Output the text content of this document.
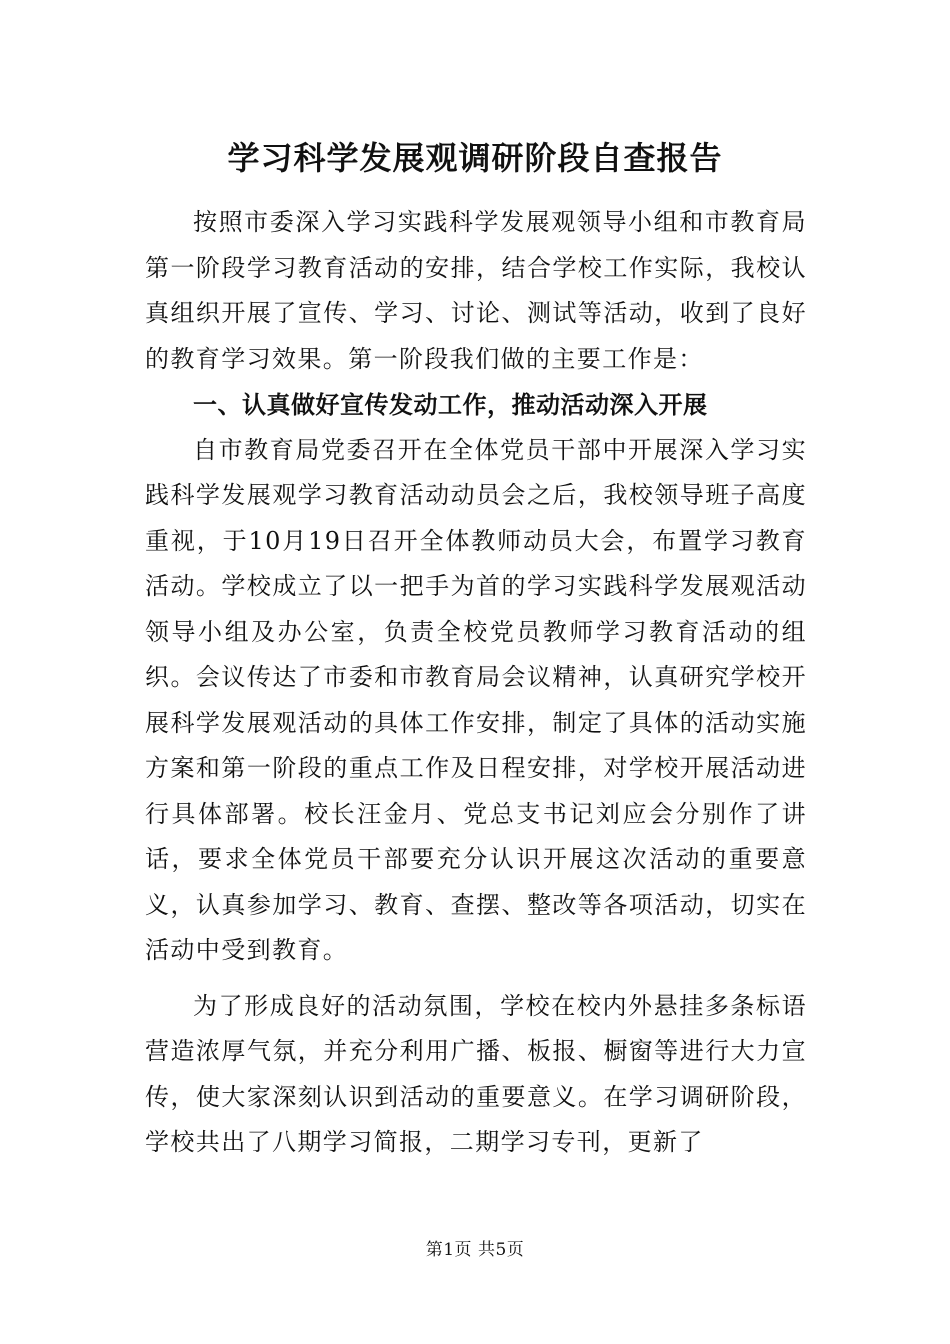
学习科学发展观调研阶段自查报告

按照市委深入学习实践科学发展观领导小组和市教育局第一阶段学习教育活动的安排，结合学校工作实际，我校认真组织开展了宣传、学习、讨论、测试等活动，收到了良好的教育学习效果。第一阶段我们做的主要工作是：

一、认真做好宣传发动工作，推动活动深入开展

自市教育局党委召开在全体党员干部中开展深入学习实践科学发展观学习教育活动动员会之后，我校领导班子高度重视，于10月19日召开全体教师动员大会，布置学习教育活动。学校成立了以一把手为首的学习实践科学发展观活动领导小组及办公室，负责全校党员教师学习教育活动的组织。会议传达了市委和市教育局会议精神，认真研究学校开展科学发展观活动的具体工作安排，制定了具体的活动实施方案和第一阶段的重点工作及日程安排，对学校开展活动进行具体部署。校长汪金月、党总支书记刘应会分别作了讲话，要求全体党员干部要充分认识开展这次活动的重要意义，认真参加学习、教育、查摆、整改等各项活动，切实在活动中受到教育。

为了形成良好的活动氛围，学校在校内外悬挂多条标语营造浓厚气氛，并充分利用广播、板报、橱窗等进行大力宣传，使大家深刻认识到活动的重要意义。在学习调研阶段，学校共出了八期学习简报，二期学习专刊，更新了

第1页 共5页
